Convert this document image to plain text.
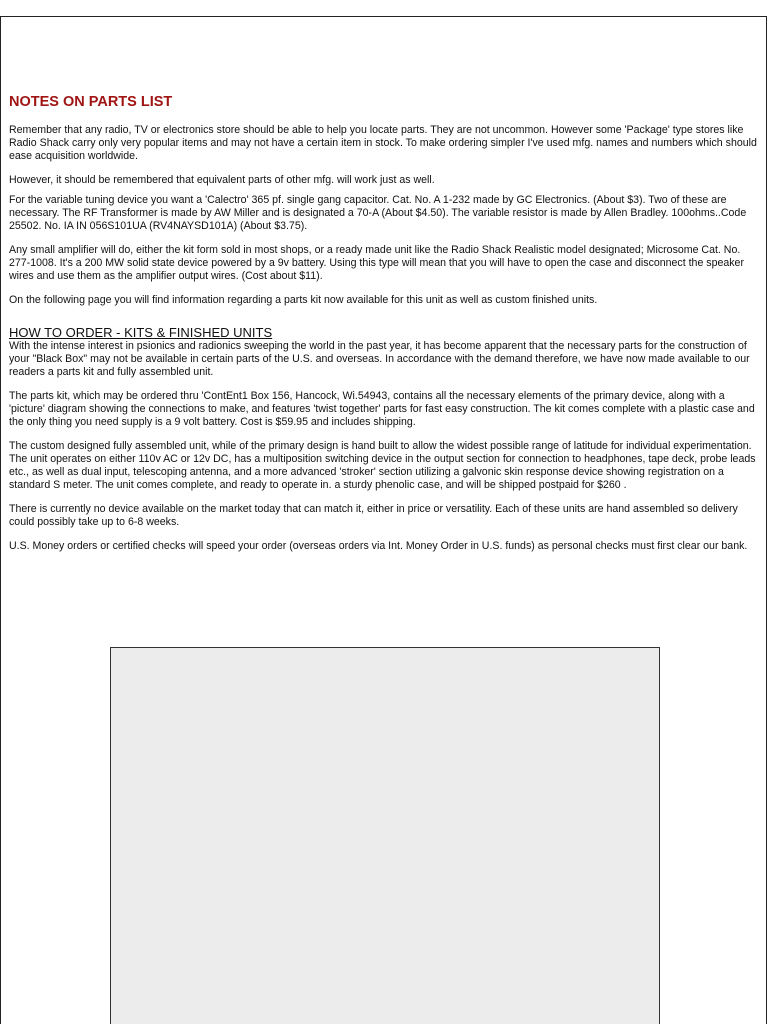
NOTES ON PARTS LIST

Remember that any radio, TV or electronics store should be able to help you locate parts. They are not uncommon. However some 'Package' type stores like Radio Shack carry only very popular items and may not have a certain item in stock. To make ordering simpler I've used mfg. names and numbers which should ease acquisition worldwide.

However, it should be remembered that equivalent parts of other mfg. will work just as well.

For the variable tuning device you want a 'Calectro' 365 pf. single gang capacitor. Cat. No. A 1-232 made by GC Electronics. (About $3). Two of these are necessary. The RF Transformer is made by AW Miller and is designated a 70-A (About $4.50). The variable resistor is made by Allen Bradley. 100ohms..Code 25502. No. IA IN 056S101UA (RV4NAYSD101A) (About $3.75).

Any small amplifier will do, either the kit form sold in most shops, or a ready made unit like the Radio Shack Realistic model designated; Microsome Cat. No. 277-1008. It's a 200 MW solid state device powered by a 9v battery. Using this type will mean that you will have to open the case and disconnect the speaker wires and use them as the amplifier output wires. (Cost about $11).

On the following page you will find information regarding a parts kit now available for this unit as well as custom finished units.

HOW TO ORDER - KITS & FINISHED UNITS

With the intense interest in psionics and radionics sweeping the world in the past year, it has become apparent that the necessary parts for the construction of your "Black Box" may not be available in certain parts of the U.S. and overseas. In accordance with the demand therefore, we have now made available to our readers a parts kit and fully assembled unit.

The parts kit, which may be ordered thru 'ContEnt1 Box 156, Hancock, Wi.54943, contains all the necessary elements of the primary device, along with a 'picture' diagram showing the connections to make, and features 'twist together' parts for fast easy construction. The kit comes complete with a plastic case and the only thing you need supply is a 9 volt battery. Cost is $59.95 and includes shipping.

The custom designed fully assembled unit, while of the primary design is hand built to allow the widest possible range of latitude for individual experimentation. The unit operates on either 110v AC or 12v DC, has a multiposition switching device in the output section for connection to headphones, tape deck, probe leads etc., as well as dual input, telescoping antenna, and a more advanced 'stroker' section utilizing a galvonic skin response device showing registration on a standard S meter. The unit comes complete, and ready to operate in. a sturdy phenolic case, and will be shipped postpaid for $260 .

There is currently no device available on the market today that can match it, either in price or versatility. Each of these units are hand assembled so delivery could possibly take up to 6-8 weeks.

U.S. Money orders or certified checks will speed your order (overseas orders via Int. Money Order in U.S. funds) as personal checks must first clear our bank.
